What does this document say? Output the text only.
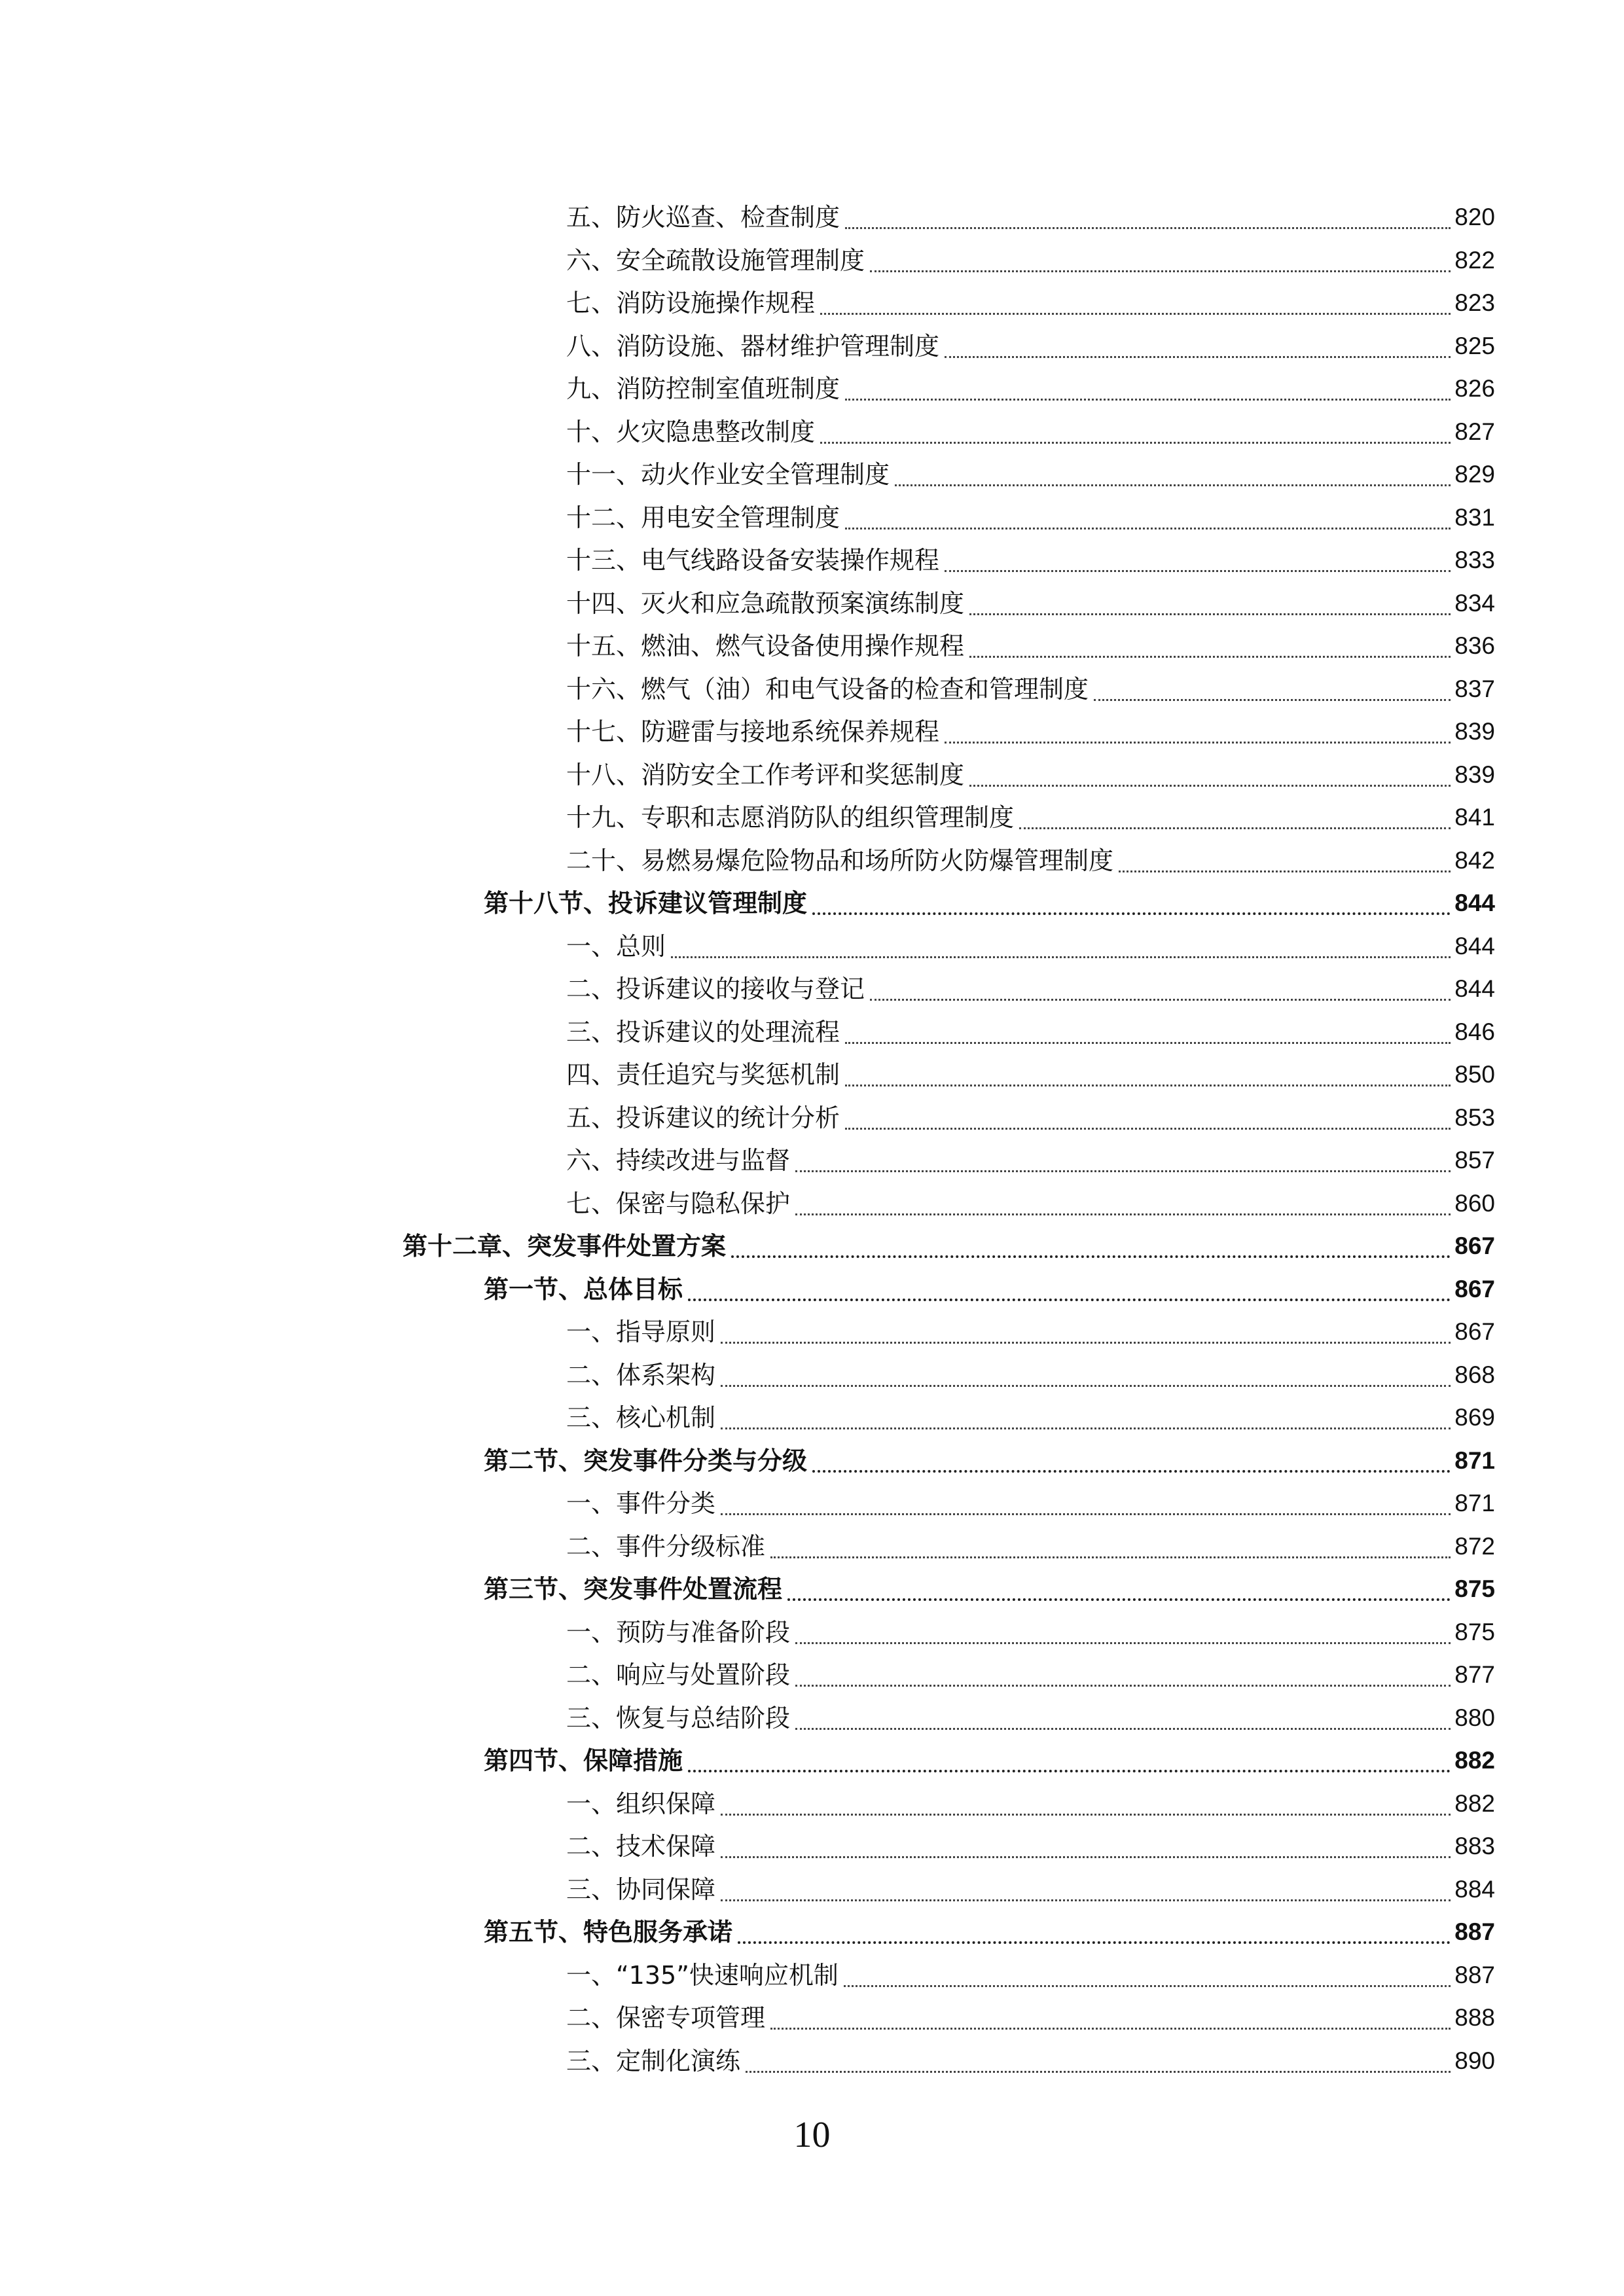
五、防火巡查、检查制度	820
六、安全疏散设施管理制度	822
七、消防设施操作规程	823
八、消防设施、器材维护管理制度	825
九、消防控制室值班制度	826
十、火灾隐患整改制度	827
十一、动火作业安全管理制度	829
十二、用电安全管理制度	831
十三、电气线路设备安装操作规程	833
十四、灭火和应急疏散预案演练制度	834
十五、燃油、燃气设备使用操作规程	836
十六、燃气（油）和电气设备的检查和管理制度	837
十七、防避雷与接地系统保养规程	839
十八、消防安全工作考评和奖惩制度	839
十九、专职和志愿消防队的组织管理制度	841
二十、易燃易爆危险物品和场所防火防爆管理制度	842
第十八节、投诉建议管理制度	844
一、总则	844
二、投诉建议的接收与登记	844
三、投诉建议的处理流程	846
四、责任追究与奖惩机制	850
五、投诉建议的统计分析	853
六、持续改进与监督	857
七、保密与隐私保护	860
第十二章、突发事件处置方案	867
第一节、总体目标	867
一、指导原则	867
二、体系架构	868
三、核心机制	869
第二节、突发事件分类与分级	871
一、事件分类	871
二、事件分级标准	872
第三节、突发事件处置流程	875
一、预防与准备阶段	875
二、响应与处置阶段	877
三、恢复与总结阶段	880
第四节、保障措施	882
一、组织保障	882
二、技术保障	883
三、协同保障	884
第五节、特色服务承诺	887
一、“135”快速响应机制	887
二、保密专项管理	888
三、定制化演练	890
10
